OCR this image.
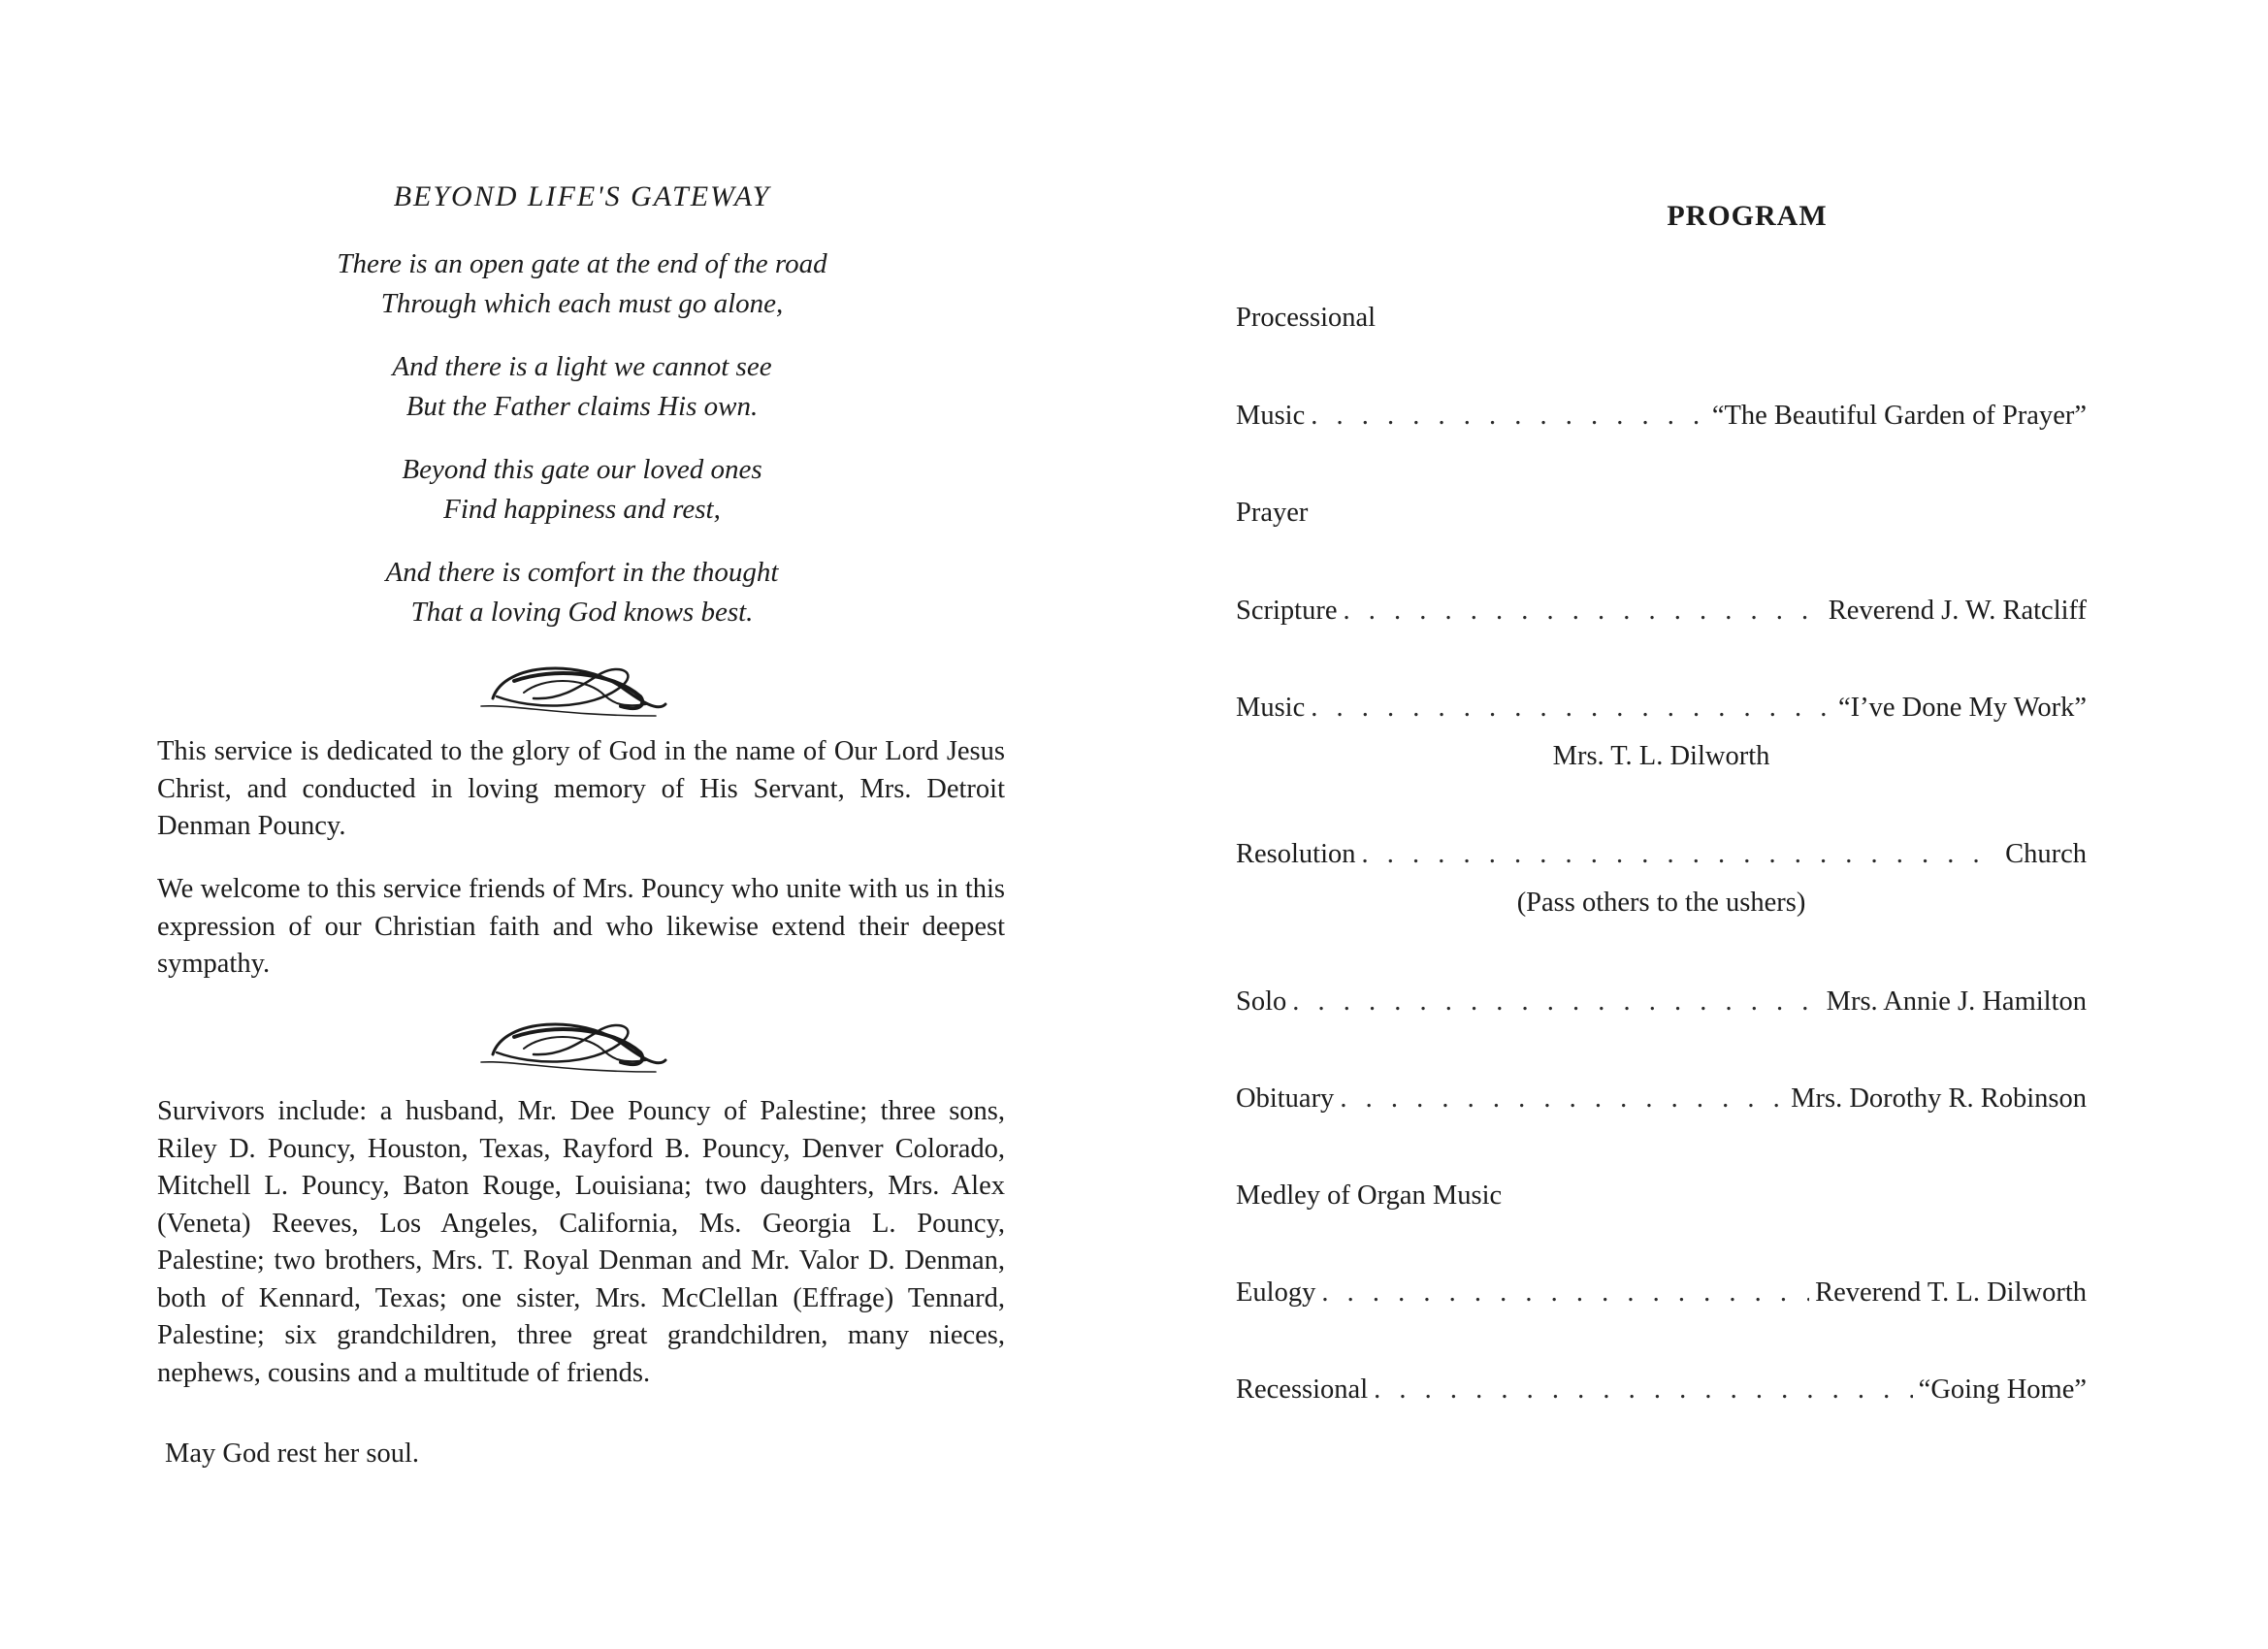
BEYOND LIFE'S GATEWAY
There is an open gate at the end of the road
Through which each must go alone,
And there is a light we cannot see
But the Father claims His own.
Beyond this gate our loved ones
Find happiness and rest,
And there is comfort in the thought
That a loving God knows best.
This service is dedicated to the glory of God in the name of Our Lord Jesus Christ, and conducted in loving memory of His Servant, Mrs. Detroit Denman Pouncy.
We welcome to this service friends of Mrs. Pouncy who unite with us in this expression of our Christian faith and who likewise extend their deepest sympathy.
Survivors include: a husband, Mr. Dee Pouncy of Palestine; three sons, Riley D. Pouncy, Houston, Texas, Rayford B. Pouncy, Denver Colorado, Mitchell L. Pouncy, Baton Rouge, Louisiana; two daughters, Mrs. Alex (Veneta) Reeves, Los Angeles, California, Ms. Georgia L. Pouncy, Palestine; two brothers, Mrs. T. Royal Denman and Mr. Valor D. Denman, both of Kennard, Texas; one sister, Mrs. McClellan (Effrage) Tennard, Palestine; six grandchildren, three great grandchildren, many nieces, nephews, cousins and a multitude of friends.
May God rest her soul.
PROGRAM
Processional
Music . . .	“The Beautiful Garden of Prayer”
Prayer
Scripture . . .	Reverend J. W. Ratcliff
Music . . .	“I’ve Done My Work”
Mrs. T. L. Dilworth
Resolution . . .	Church
(Pass others to the ushers)
Solo . . .	Mrs. Annie J. Hamilton
Obituary . . .	Mrs. Dorothy R. Robinson
Medley of Organ Music
Eulogy . . .	Reverend T. L. Dilworth
Recessional . . .	“Going Home”
